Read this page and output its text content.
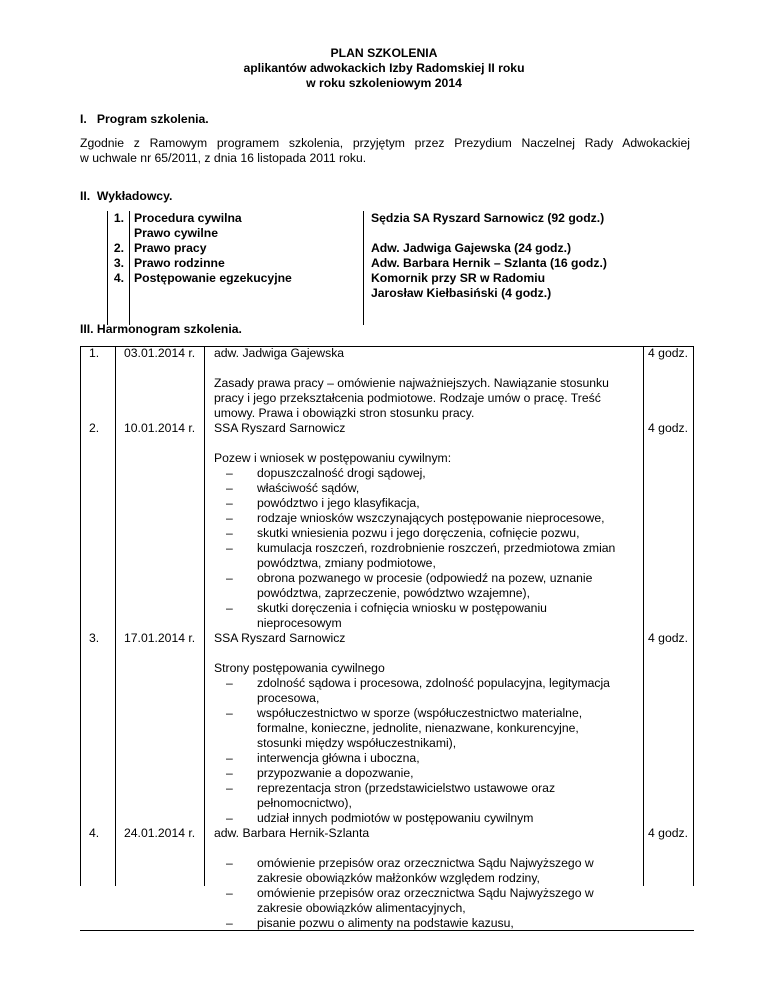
PLAN SZKOLENIA
aplikantów adwokackich Izby Radomskiej II roku
w roku szkoleniowym 2014
I.   Program szkolenia.
Zgodnie z Ramowym programem szkolenia, przyjętym przez Prezydium Naczelnej Rady Adwokackiej
w uchwale nr 65/2011, z dnia 16 listopada 2011 roku.
II.  Wykładowcy.
1. Procedura cywilna	Sędzia SA Ryszard Sarnowicz (92 godz.)
Prawo cywilne
2. Prawo pracy	Adw. Jadwiga Gajewska (24 godz.)
3. Prawo rodzinne	Adw. Barbara Hernik – Szlanta (16 godz.)
4. Postępowanie egzekucyjne	Komornik przy SR w Radomiu
Jarosław Kiełbasiński (4 godz.)
III. Harmonogram szkolenia.
1. 03.01.2014 r. adw. Jadwiga Gajewska	4 godz.
Zasady prawa pracy – omówienie najważniejszych. Nawiązanie stosunku
pracy i jego przekształcenia podmiotowe. Rodzaje umów o pracę. Treść
umowy. Prawa i obowiązki stron stosunku pracy.
2. 10.01.2014 r. SSA Ryszard Sarnowicz	4 godz.
Pozew i wniosek w postępowaniu cywilnym:
– dopuszczalność drogi sądowej,
– właściwość sądów,
– powództwo i jego klasyfikacja,
– rodzaje wniosków wszczynających postępowanie nieprocesowe,
– skutki wniesienia pozwu i jego doręczenia, cofnięcie pozwu,
– kumulacja roszczeń, rozdrobnienie roszczeń, przedmiotowa zmian
powództwa, zmiany podmiotowe,
– obrona pozwanego w procesie (odpowiedź na pozew, uznanie
powództwa, zaprzeczenie, powództwo wzajemne),
– skutki doręczenia i cofnięcia wniosku w postępowaniu
nieprocesowym
3. 17.01.2014 r. SSA Ryszard Sarnowicz	4 godz.
Strony postępowania cywilnego
– zdolność sądowa i procesowa, zdolność populacyjna, legitymacja
procesowa,
– współuczestnictwo w sporze (współuczestnictwo materialne,
formalne, konieczne, jednolite, nienazwane, konkurencyjne,
stosunki między współuczestnikami),
– interwencja główna i uboczna,
– przypozwanie a dopozwanie,
– reprezentacja stron (przedstawicielstwo ustawowe oraz
pełnomocnictwo),
– udział innych podmiotów w postępowaniu cywilnym
4. 24.01.2014 r. adw. Barbara Hernik-Szlanta	4 godz.
– omówienie przepisów oraz orzecznictwa Sądu Najwyższego w
zakresie obowiązków małżonków względem rodziny,
– omówienie przepisów oraz orzecznictwa Sądu Najwyższego w
zakresie obowiązków alimentacyjnych,
– pisanie pozwu o alimenty na podstawie kazusu,
